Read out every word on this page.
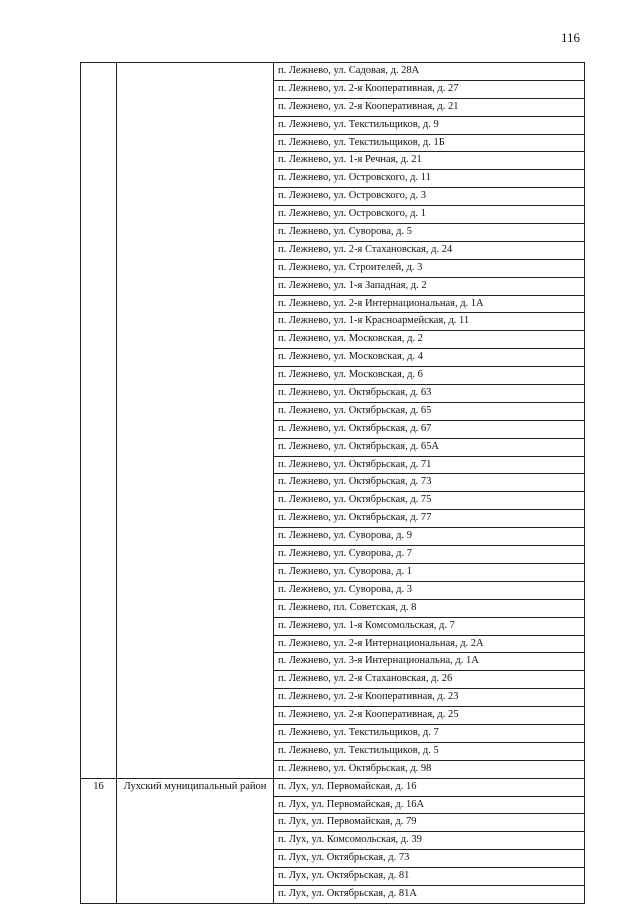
116
		п. Лежнево, ул. Садовая, д. 28А
		п. Лежнево, ул. 2-я Кооперативная, д. 27
		п. Лежнево, ул. 2-я Кооперативная, д. 21
		п. Лежнево, ул. Текстильщиков, д. 9
		п. Лежнево, ул. Текстильщиков, д. 1Б
		п. Лежнево, ул. 1-я Речная, д. 21
		п. Лежнево, ул. Островского, д. 11
		п. Лежнево, ул. Островского, д. 3
		п. Лежнево, ул. Островского, д. 1
		п. Лежнево, ул. Суворова, д. 5
		п. Лежнево, ул. 2-я Стахановская, д. 24
		п. Лежнево, ул. Строителей, д. 3
		п. Лежнево, ул. 1-я Западная, д. 2
		п. Лежнево, ул. 2-я Интернациональная, д. 1А
		п. Лежнево, ул. 1-я Красноармейская, д. 11
		п. Лежнево, ул. Московская, д. 2
		п. Лежнево, ул. Московская, д. 4
		п. Лежнево, ул. Московская, д. 6
		п. Лежнево, ул. Октябрьская, д. 63
		п. Лежнево, ул. Октябрьская, д. 65
		п. Лежнево, ул. Октябрьская, д. 67
		п. Лежнево, ул. Октябрьская, д. 65А
		п. Лежнево, ул. Октябрьская, д. 71
		п. Лежнево, ул. Октябрьская, д. 73
		п. Лежнево, ул. Октябрьская, д. 75
		п. Лежнево, ул. Октябрьская, д. 77
		п. Лежнево, ул. Суворова, д. 9
		п. Лежнево, ул. Суворова, д. 7
		п. Лежнево, ул. Суворова, д. 1
		п. Лежнево, ул. Суворова, д. 3
		п. Лежнево, пл. Советская, д. 8
		п. Лежнево, ул. 1-я Комсомольская, д. 7
		п. Лежнево, ул. 2-я Интернациональная, д. 2А
		п. Лежнево, ул. 3-я Интернациональна, д. 1А
		п. Лежнево, ул. 2-я Стахановская, д. 26
		п. Лежнево, ул. 2-я Кооперативная, д. 23
		п. Лежнево, ул. 2-я Кооперативная, д. 25
		п. Лежнево, ул. Текстильщиков, д. 7
		п. Лежнево, ул. Текстильщиков, д. 5
		п. Лежнево, ул. Октябрьская, д. 98
16	Лухский муниципальный район	п. Лух, ул. Первомайская, д. 16
		п. Лух, ул. Первомайская, д. 16А
		п. Лух, ул. Первомайская, д. 79
		п. Лух, ул. Комсомольская, д. 39
		п. Лух, ул. Октябрьская, д. 73
		п. Лух, ул. Октябрьская, д. 81
		п. Лух, ул. Октябрьская, д. 81А
